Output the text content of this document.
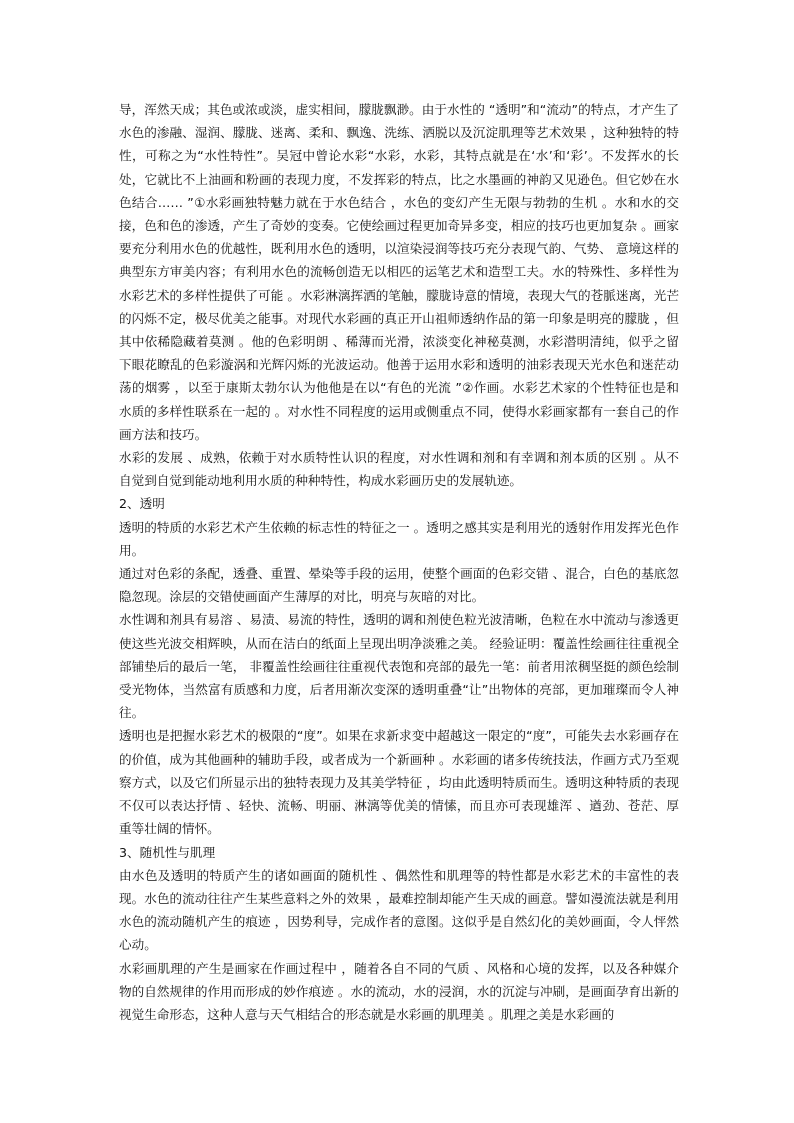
导，浑然天成；其色或浓或淡，虚实相间，朦胧飘渺。由于水性的 “透明”和“流动”的特点，才产生了水色的渗融、湿润、朦胧、迷离、柔和、飘逸、洗练、洒脱以及沉淀肌理等艺术效果 ，这种独特的特性，可称之为“水性特性”。吴冠中曾论水彩“水彩，水彩，其特点就是在‘水’和‘彩’。不发挥水的长处，它就比不上油画和粉画的表现力度，不发挥彩的特点，比之水墨画的神韵又见逊色。但它妙在水色结合…… ”①水彩画独特魅力就在于水色结合 ，水色的变幻产生无限与勃勃的生机 。水和水的交接，色和色的渗透，产生了奇妙的变奏。它使绘画过程更加奇异多变，相应的技巧也更加复杂 。画家要充分利用水色的优越性，既利用水色的透明，以渲染浸润等技巧充分表现气韵、气势、 意境这样的典型东方审美内容；有利用水色的流畅创造无以相匹的运笔艺术和造型工夫。水的特殊性、多样性为水彩艺术的多样性提供了可能 。水彩淋漓挥洒的笔触，朦胧诗意的情境，表现大气的苍脈迷离，光芒的闪烁不定，极尽优美之能事。对现代水彩画的真正开山祖师透纳作品的第一印象是明亮的朦胧 ，但其中依稀隐藏着莫测 。他的色彩明朗 、稀薄而光滑，浓淡变化神秘莫测，水彩潜明清纯，似乎之留下眼花瞭乱的色彩漩涡和光辉闪烁的光波运动。他善于运用水彩和透明的油彩表现天光水色和迷茫动荡的烟雾 ，以至于康斯太勃尔认为他他是在以“有色的光流 ”②作画。水彩艺术家的个性特征也是和水质的多样性联系在一起的 。对水性不同程度的运用或侧重点不同，使得水彩画家都有一套自己的作画方法和技巧。

水彩的发展 、成熟，依赖于对水质特性认识的程度，对水性调和剂和有幸调和剂本质的区别 。从不自觉到自觉到能动地利用水质的种种特性，构成水彩画历史的发展轨迹。

2、透明

透明的特质的水彩艺术产生依赖的标志性的特征之一 。透明之感其实是利用光的透射作用发挥光色作用。

通过对色彩的条配，透叠、重置、晕染等手段的运用，使整个画面的色彩交错 、混合，白色的基底忽隐忽现。涂层的交错使画面产生薄厚的对比，明亮与灰暗的对比。

水性调和剂具有易溶 、易渍、易流的特性，透明的调和剂使色粒光波清晰，色粒在水中流动与渗透更使这些光波交相辉映，从而在洁白的纸面上呈现出明净淡雅之美。 经验证明：覆盖性绘画往往重视全部铺垫后的最后一笔， 非覆盖性绘画往往重视代表饱和亮部的最先一笔：前者用浓稠坚挺的颜色绘制受光物体，当然富有质感和力度，后者用渐次变深的透明重叠“让”出物体的亮部，更加璀璨而令人神往。

透明也是把握水彩艺术的极限的“度”。如果在求新求变中超越这一限定的“度”，可能失去水彩画存在的价值，成为其他画种的辅助手段，或者成为一个新画种 。水彩画的诸多传统技法，作画方式乃至观察方式，以及它们所显示出的独特表现力及其美学特征 ，均由此透明特质而生。透明这种特质的表现不仅可以表达抒情 、轻快、流畅、明丽、淋漓等优美的情愫，而且亦可表现雄浑 、遒劲、苍茫、厚重等壮阔的情怀。

3、随机性与肌理

由水色及透明的特质产生的诸如画面的随机性 、偶然性和肌理等的特性都是水彩艺术的丰富性的表现。水色的流动往往产生某些意料之外的效果 ，最难控制却能产生天成的画意。譬如漫流法就是利用水色的流动随机产生的痕迹 ，因势利导，完成作者的意图。这似乎是自然幻化的美妙画面，令人怦然心动。

水彩画肌理的产生是画家在作画过程中 ，随着各自不同的气质 、风格和心境的发挥，以及各种媒介物的自然规律的作用而形成的妙作痕迹 。水的流动，水的浸润，水的沉淀与冲刷，是画面孕育出新的视觉生命形态，这种人意与天气相结合的形态就是水彩画的肌理美 。肌理之美是水彩画的
